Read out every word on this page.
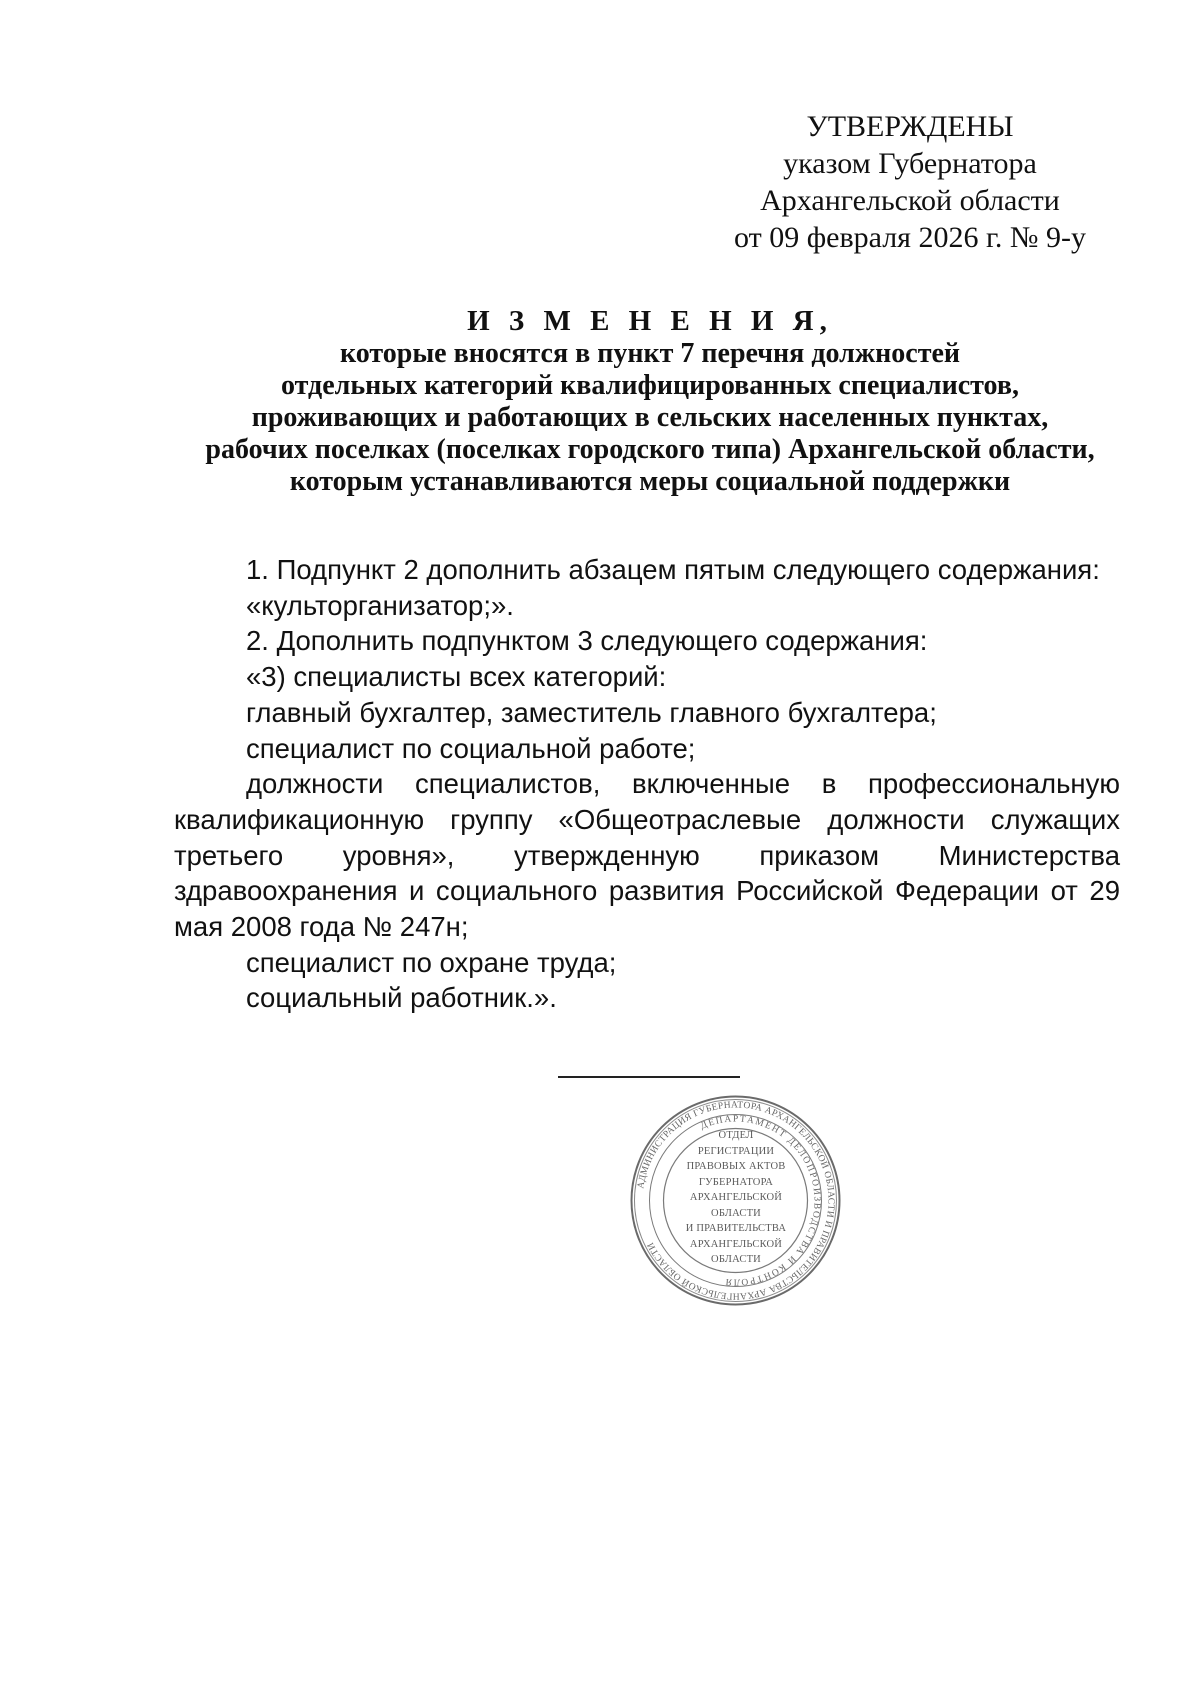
УТВЕРЖДЕНЫ
указом Губернатора
Архангельской области
от 09 февраля 2026 г. № 9-у
И З М Е Н Е Н И Я,
которые вносятся в пункт 7 перечня должностей
отдельных категорий квалифицированных специалистов,
проживающих и работающих в сельских населенных пунктах,
рабочих поселках (поселках городского типа) Архангельской области,
которым устанавливаются меры социальной поддержки

1. Подпункт 2 дополнить абзацем пятым следующего содержания:

«культорганизатор;».

2. Дополнить подпунктом 3 следующего содержания:

«3) специалисты всех категорий:

главный бухгалтер, заместитель главного бухгалтера;

специалист по социальной работе;

должности специалистов, включенные в профессиональную квалификационную группу «Общеотраслевые должности служащих третьего уровня», утвержденную приказом Министерства здравоохранения и социального развития Российской Федерации от 29 мая 2008 года № 247н;

специалист по охране труда;

социальный работник.».

АДМИНИСТРАЦИЯ ГУБЕРНАТОРА АРХАНГЕЛЬСКОЙ ОБЛАСТИ И ПРАВИТЕЛЬСТВА АРХАНГЕЛЬСКОЙ ОБЛАСТИ
ДЕПАРТАМЕНТ ДЕЛОПРОИЗВОДСТВА И КОНТРОЛЯ
ОТДЕЛ
РЕГИСТРАЦИИ
ПРАВОВЫХ АКТОВ
ГУБЕРНАТОРА
АРХАНГЕЛЬСКОЙ
ОБЛАСТИ
И ПРАВИТЕЛЬСТВА
АРХАНГЕЛЬСКОЙ
ОБЛАСТИ
